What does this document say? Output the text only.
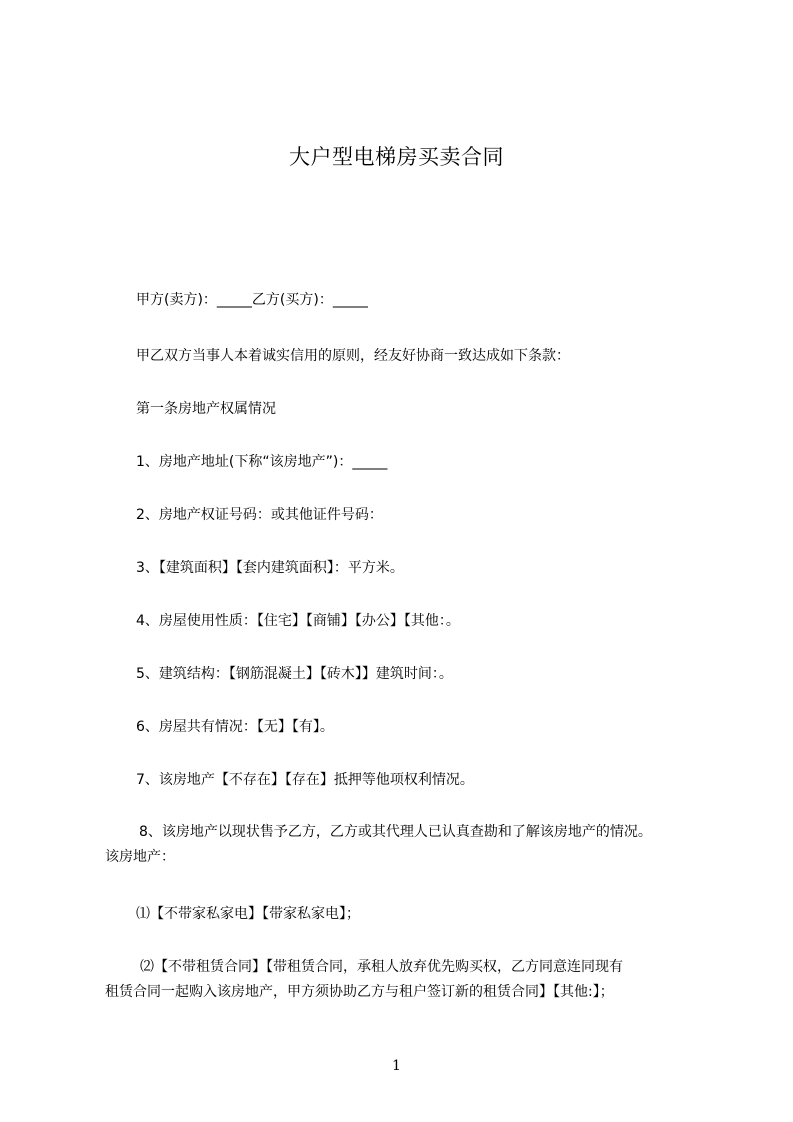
大户型电梯房买卖合同

甲方(卖方)：_____乙方(买方)：_____

甲乙双方当事人本着诚实信用的原则，经友好协商一致达成如下条款：

第一条房地产权属情况

1、房地产地址(下称“该房地产”)：_____

2、房地产权证号码：或其他证件号码：

3、【建筑面积】【套内建筑面积】：平方米。

4、房屋使用性质：【住宅】【商铺】【办公】【其他：。

5、建筑结构：【钢筋混凝土】【砖木】】建筑时间：。

6、房屋共有情况：【无】【有】。

7、该房地产【不存在】【存在】抵押等他项权利情况。

8、该房地产以现状售予乙方，乙方或其代理人已认真查勘和了解该房地产的情况。
该房地产：

⑴【不带家私家电】【带家私家电】；

⑵【不带租赁合同】【带租赁合同，承租人放弃优先购买权，乙方同意连同现有
租赁合同一起购入该房地产，甲方须协助乙方与租户签订新的租赁合同】【其他:】；
1
